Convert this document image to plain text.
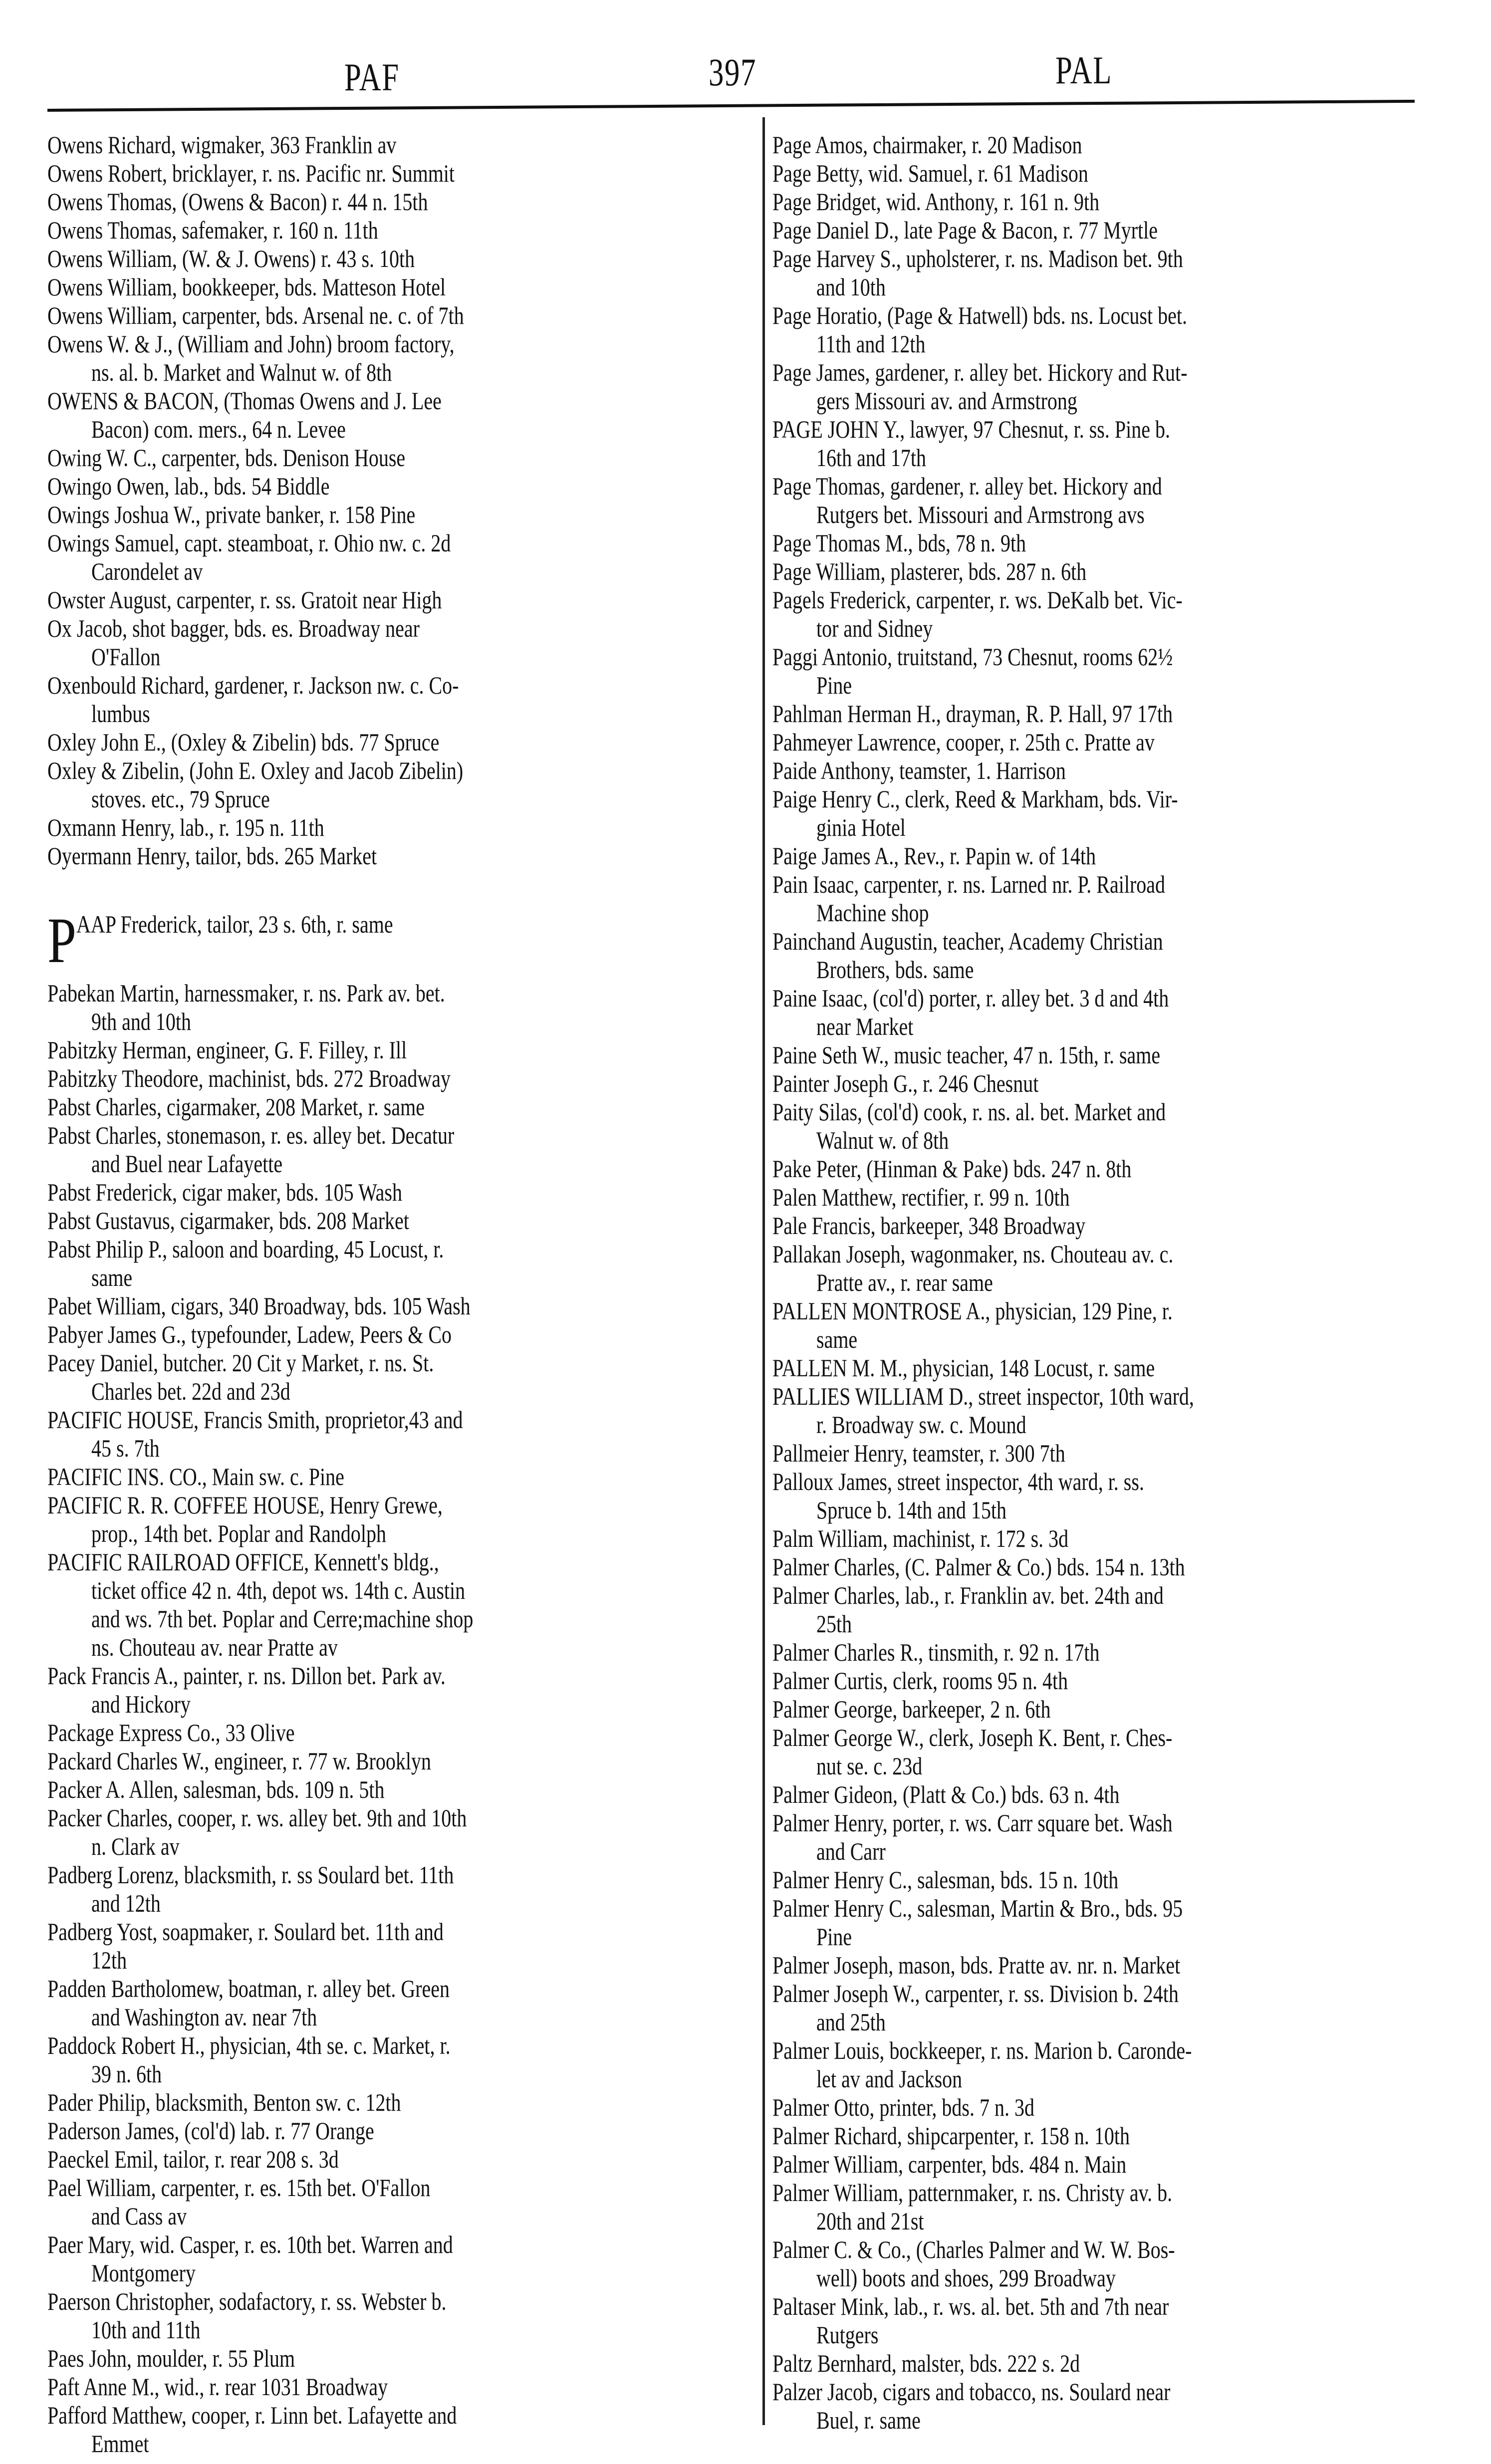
PAF	397	PAL
Owens Richard, wigmaker, 363 Franklin av
Owens Robert, bricklayer, r. ns. Pacific nr. Summit
Owens Thomas, (Owens & Bacon) r. 44 n. 15th
Owens Thomas, safemaker, r. 160 n. 11th
Owens William, (W. & J. Owens) r. 43 s. 10th
Owens William, bookkeeper, bds. Matteson Hotel
Owens William, carpenter, bds. Arsenal ne. c. of 7th
Owens W. & J., (William and John) broom factory,
ns. al. b. Market and Walnut w. of 8th
OWENS & BACON, (Thomas Owens and J. Lee
Bacon) com. mers., 64 n. Levee
Owing W. C., carpenter, bds. Denison House
Owingo Owen, lab., bds. 54 Biddle
Owings Joshua W., private banker, r. 158 Pine
Owings Samuel, capt. steamboat, r. Ohio nw. c. 2d
Carondelet av
Owster August, carpenter, r. ss. Gratoit near High
Ox Jacob, shot bagger, bds. es. Broadway near
O'Fallon
Oxenbould Richard, gardener, r. Jackson nw. c. Co-
lumbus
Oxley John E., (Oxley & Zibelin) bds. 77 Spruce
Oxley & Zibelin, (John E. Oxley and Jacob Zibelin)
stoves. etc., 79 Spruce
Oxmann Henry, lab., r. 195 n. 11th
Oyermann Henry, tailor, bds. 265 Market
P AAP Frederick, tailor, 23 s. 6th, r. same
Pabekan Martin, harnessmaker, r. ns. Park av. bet.
9th and 10th
Pabitzky Herman, engineer, G. F. Filley, r. Ill
Pabitzky Theodore, machinist, bds. 272 Broadway
Pabst Charles, cigarmaker, 208 Market, r. same
Pabst Charles, stonemason, r. es. alley bet. Decatur
and Buel near Lafayette
Pabst Frederick, cigar maker, bds. 105 Wash
Pabst Gustavus, cigarmaker, bds. 208 Market
Pabst Philip P., saloon and boarding, 45 Locust, r.
same
Pabet William, cigars, 340 Broadway, bds. 105 Wash
Pabyer James G., typefounder, Ladew, Peers & Co
Pacey Daniel, butcher. 20 Cit y Market, r. ns. St.
Charles bet. 22d and 23d
PACIFIC HOUSE, Francis Smith, proprietor,43 and
45 s. 7th
PACIFIC INS. CO., Main sw. c. Pine
PACIFIC R. R. COFFEE HOUSE, Henry Grewe,
prop., 14th bet. Poplar and Randolph
PACIFIC RAILROAD OFFICE, Kennett's bldg.,
ticket office 42 n. 4th, depot ws. 14th c. Austin
and ws. 7th bet. Poplar and Cerre;machine shop
ns. Chouteau av. near Pratte av
Pack Francis A., painter, r. ns. Dillon bet. Park av.
and Hickory
Package Express Co., 33 Olive
Packard Charles W., engineer, r. 77 w. Brooklyn
Packer A. Allen, salesman, bds. 109 n. 5th
Packer Charles, cooper, r. ws. alley bet. 9th and 10th
n. Clark av
Padberg Lorenz, blacksmith, r. ss Soulard bet. 11th
and 12th
Padberg Yost, soapmaker, r. Soulard bet. 11th and
12th
Padden Bartholomew, boatman, r. alley bet. Green
and Washington av. near 7th
Paddock Robert H., physician, 4th se. c. Market, r.
39 n. 6th
Pader Philip, blacksmith, Benton sw. c. 12th
Paderson James, (col'd) lab. r. 77 Orange
Paeckel Emil, tailor, r. rear 208 s. 3d
Pael William, carpenter, r. es. 15th bet. O'Fallon
and Cass av
Paer Mary, wid. Casper, r. es. 10th bet. Warren and
Montgomery
Paerson Christopher, sodafactory, r. ss. Webster b.
10th and 11th
Paes John, moulder, r. 55 Plum
Paft Anne M., wid., r. rear 1031 Broadway
Pafford Matthew, cooper, r. Linn bet. Lafayette and
Emmet
Page Amos, chairmaker, r. 20 Madison
Page Betty, wid. Samuel, r. 61 Madison
Page Bridget, wid. Anthony, r. 161 n. 9th
Page Daniel D., late Page & Bacon, r. 77 Myrtle
Page Harvey S., upholsterer, r. ns. Madison bet. 9th
and 10th
Page Horatio, (Page & Hatwell) bds. ns. Locust bet.
11th and 12th
Page James, gardener, r. alley bet. Hickory and Rut-
gers Missouri av. and Armstrong
PAGE JOHN Y., lawyer, 97 Chesnut, r. ss. Pine b.
16th and 17th
Page Thomas, gardener, r. alley bet. Hickory and
Rutgers bet. Missouri and Armstrong avs
Page Thomas M., bds, 78 n. 9th
Page William, plasterer, bds. 287 n. 6th
Pagels Frederick, carpenter, r. ws. DeKalb bet. Vic-
tor and Sidney
Paggi Antonio, truitstand, 73 Chesnut, rooms 62½
Pine
Pahlman Herman H., drayman, R. P. Hall, 97 17th
Pahmeyer Lawrence, cooper, r. 25th c. Pratte av
Paide Anthony, teamster, 1. Harrison
Paige Henry C., clerk, Reed & Markham, bds. Vir-
ginia Hotel
Paige James A., Rev., r. Papin w. of 14th
Pain Isaac, carpenter, r. ns. Larned nr. P. Railroad
Machine shop
Painchand Augustin, teacher, Academy Christian
Brothers, bds. same
Paine Isaac, (col'd) porter, r. alley bet. 3 d and 4th
near Market
Paine Seth W., music teacher, 47 n. 15th, r. same
Painter Joseph G., r. 246 Chesnut
Paity Silas, (col'd) cook, r. ns. al. bet. Market and
Walnut w. of 8th
Pake Peter, (Hinman & Pake) bds. 247 n. 8th
Palen Matthew, rectifier, r. 99 n. 10th
Pale Francis, barkeeper, 348 Broadway
Pallakan Joseph, wagonmaker, ns. Chouteau av. c.
Pratte av., r. rear same
PALLEN MONTROSE A., physician, 129 Pine, r.
same
PALLEN M. M., physician, 148 Locust, r. same
PALLIES WILLIAM D., street inspector, 10th ward,
r. Broadway sw. c. Mound
Pallmeier Henry, teamster, r. 300 7th
Palloux James, street inspector, 4th ward, r. ss.
Spruce b. 14th and 15th
Palm William, machinist, r. 172 s. 3d
Palmer Charles, (C. Palmer & Co.) bds. 154 n. 13th
Palmer Charles, lab., r. Franklin av. bet. 24th and
25th
Palmer Charles R., tinsmith, r. 92 n. 17th
Palmer Curtis, clerk, rooms 95 n. 4th
Palmer George, barkeeper, 2 n. 6th
Palmer George W., clerk, Joseph K. Bent, r. Ches-
nut se. c. 23d
Palmer Gideon, (Platt & Co.) bds. 63 n. 4th
Palmer Henry, porter, r. ws. Carr square bet. Wash
and Carr
Palmer Henry C., salesman, bds. 15 n. 10th
Palmer Henry C., salesman, Martin & Bro., bds. 95
Pine
Palmer Joseph, mason, bds. Pratte av. nr. n. Market
Palmer Joseph W., carpenter, r. ss. Division b. 24th
and 25th
Palmer Louis, bockkeeper, r. ns. Marion b. Caronde-
let av and Jackson
Palmer Otto, printer, bds. 7 n. 3d
Palmer Richard, shipcarpenter, r. 158 n. 10th
Palmer William, carpenter, bds. 484 n. Main
Palmer William, patternmaker, r. ns. Christy av. b.
20th and 21st
Palmer C. & Co., (Charles Palmer and W. W. Bos-
well) boots and shoes, 299 Broadway
Paltaser Mink, lab., r. ws. al. bet. 5th and 7th near
Rutgers
Paltz Bernhard, malster, bds. 222 s. 2d
Palzer Jacob, cigars and tobacco, ns. Soulard near
Buel, r. same
